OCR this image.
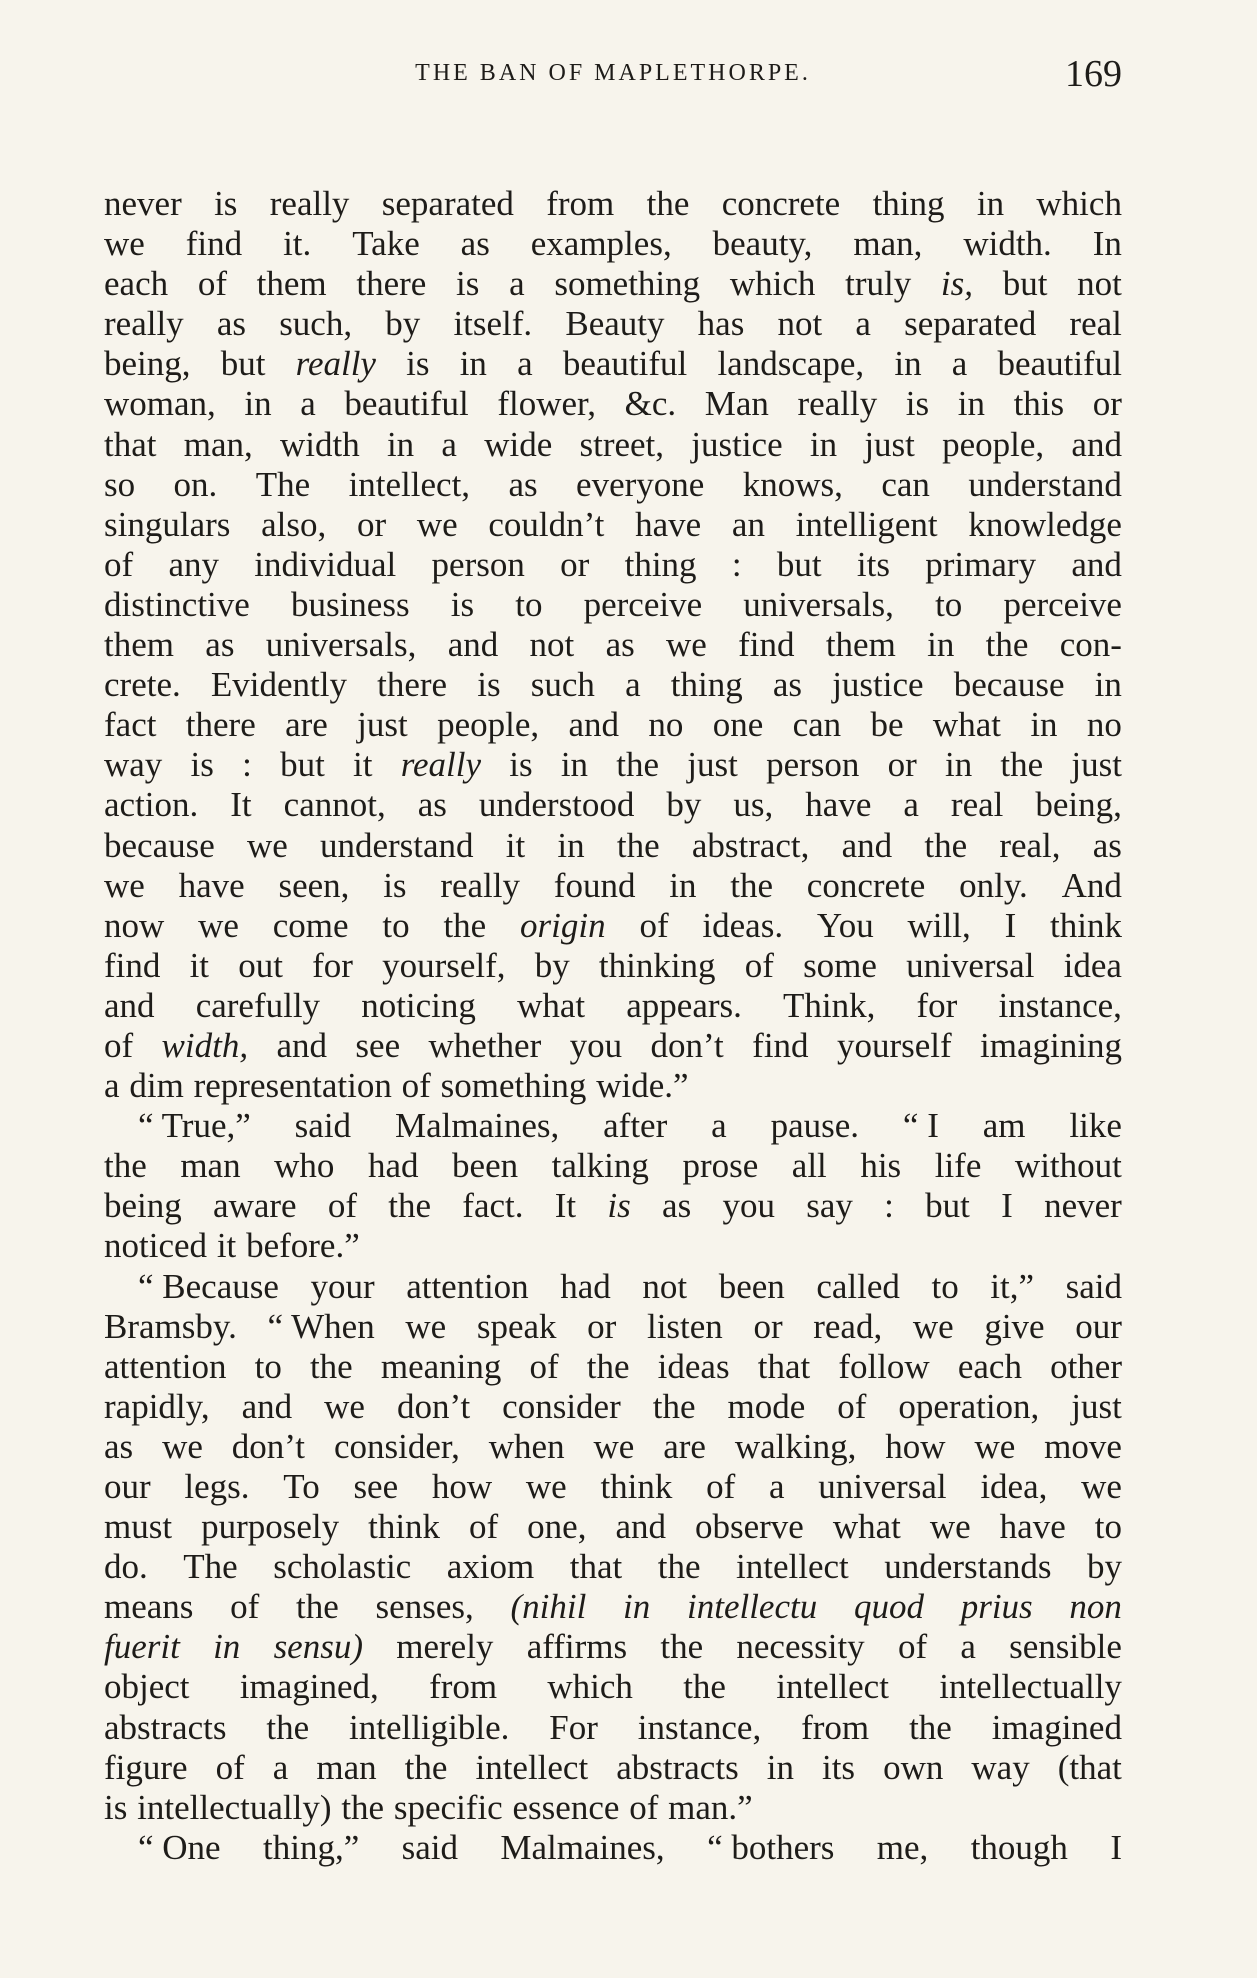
THE BAN OF MAPLETHORPE.	169
never is really separated from the concrete thing in which
we find it. Take as examples, beauty, man, width. In
each of them there is a something which truly is, but not
really as such, by itself. Beauty has not a separated real
being, but really is in a beautiful landscape, in a beautiful
woman, in a beautiful flower, &c. Man really is in this or
that man, width in a wide street, justice in just people, and
so on. The intellect, as everyone knows, can understand
singulars also, or we couldn’t have an intelligent knowledge
of any individual person or thing : but its primary and
distinctive business is to perceive universals, to perceive
them as universals, and not as we find them in the con-
crete. Evidently there is such a thing as justice because in
fact there are just people, and no one can be what in no
way is : but it really is in the just person or in the just
action. It cannot, as understood by us, have a real being,
because we understand it in the abstract, and the real, as
we have seen, is really found in the concrete only. And
now we come to the origin of ideas. You will, I think
find it out for yourself, by thinking of some universal idea
and carefully noticing what appears. Think, for instance,
of width, and see whether you don’t find yourself imagining
a dim representation of something wide.”
“ True,” said Malmaines, after a pause. “ I am like
the man who had been talking prose all his life without
being aware of the fact. It is as you say : but I never
noticed it before.”
“ Because your attention had not been called to it,” said
Bramsby. “ When we speak or listen or read, we give our
attention to the meaning of the ideas that follow each other
rapidly, and we don’t consider the mode of operation, just
as we don’t consider, when we are walking, how we move
our legs. To see how we think of a universal idea, we
must purposely think of one, and observe what we have to
do. The scholastic axiom that the intellect understands by
means of the senses, (nihil in intellectu quod prius non
fuerit in sensu) merely affirms the necessity of a sensible
object imagined, from which the intellect intellectually
abstracts the intelligible. For instance, from the imagined
figure of a man the intellect abstracts in its own way (that
is intellectually) the specific essence of man.”
“ One thing,” said Malmaines, “ bothers me, though I
